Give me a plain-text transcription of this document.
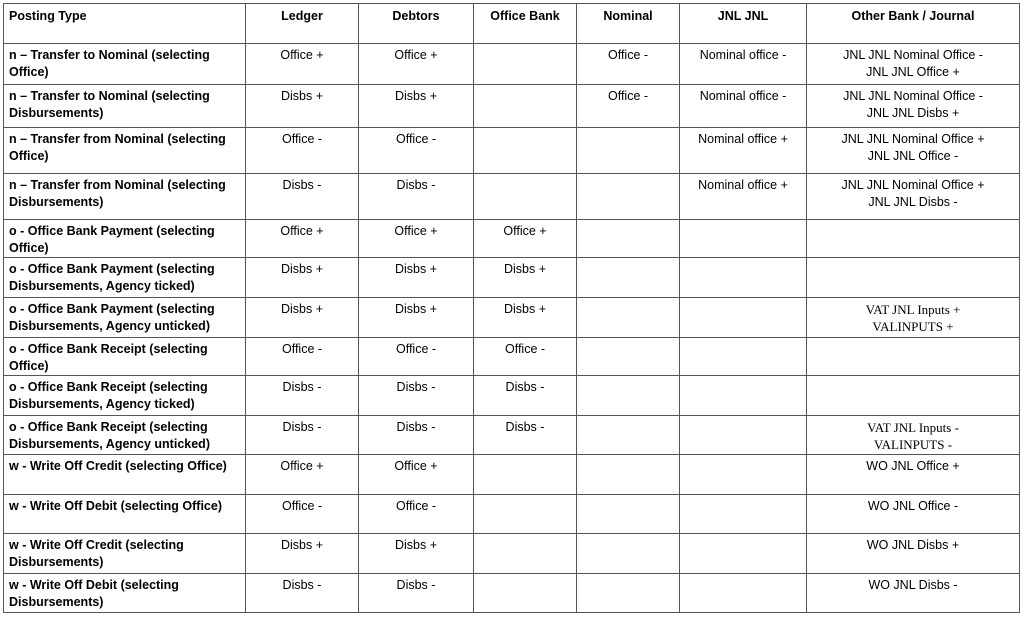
Posting Type	Ledger	Debtors	Office Bank	Nominal	JNL JNL	Other Bank / Journal
n – Transfer to Nominal (selecting Office)	Office +	Office +		Office -	Nominal office -	JNL JNL Nominal Office -
JNL JNL Office +

n – Transfer to Nominal (selecting Disbursements)	Disbs +	Disbs +		Office -	Nominal office -	JNL JNL Nominal Office -
JNL JNL Disbs +

n – Transfer from Nominal (selecting Office)	Office -	Office -			Nominal office +	JNL JNL Nominal Office +
JNL JNL Office -

n – Transfer from Nominal (selecting Disbursements)	Disbs -	Disbs -			Nominal office +	JNL JNL Nominal Office +
JNL JNL Disbs -

o - Office Bank Payment (selecting Office)	Office +	Office +	Office +			
o - Office Bank Payment (selecting Disbursements, Agency ticked)	Disbs +	Disbs +	Disbs +			
o - Office Bank Payment (selecting Disbursements, Agency unticked)	Disbs +	Disbs +	Disbs +			VAT JNL Inputs +
VALINPUTS +

o - Office Bank Receipt (selecting Office)	Office -	Office -	Office -			
o - Office Bank Receipt (selecting Disbursements, Agency ticked)	Disbs -	Disbs -	Disbs -			
o - Office Bank Receipt (selecting Disbursements, Agency unticked)	Disbs -	Disbs -	Disbs -			VAT JNL Inputs -
VALINPUTS -

w - Write Off Credit (selecting Office)	Office +	Office +				WO JNL Office +

w - Write Off Debit (selecting Office)	Office -	Office -				WO JNL Office -

w - Write Off Credit (selecting Disbursements)	Disbs +	Disbs +				WO JNL Disbs +

w - Write Off Debit (selecting Disbursements)	Disbs -	Disbs -				WO JNL Disbs -
